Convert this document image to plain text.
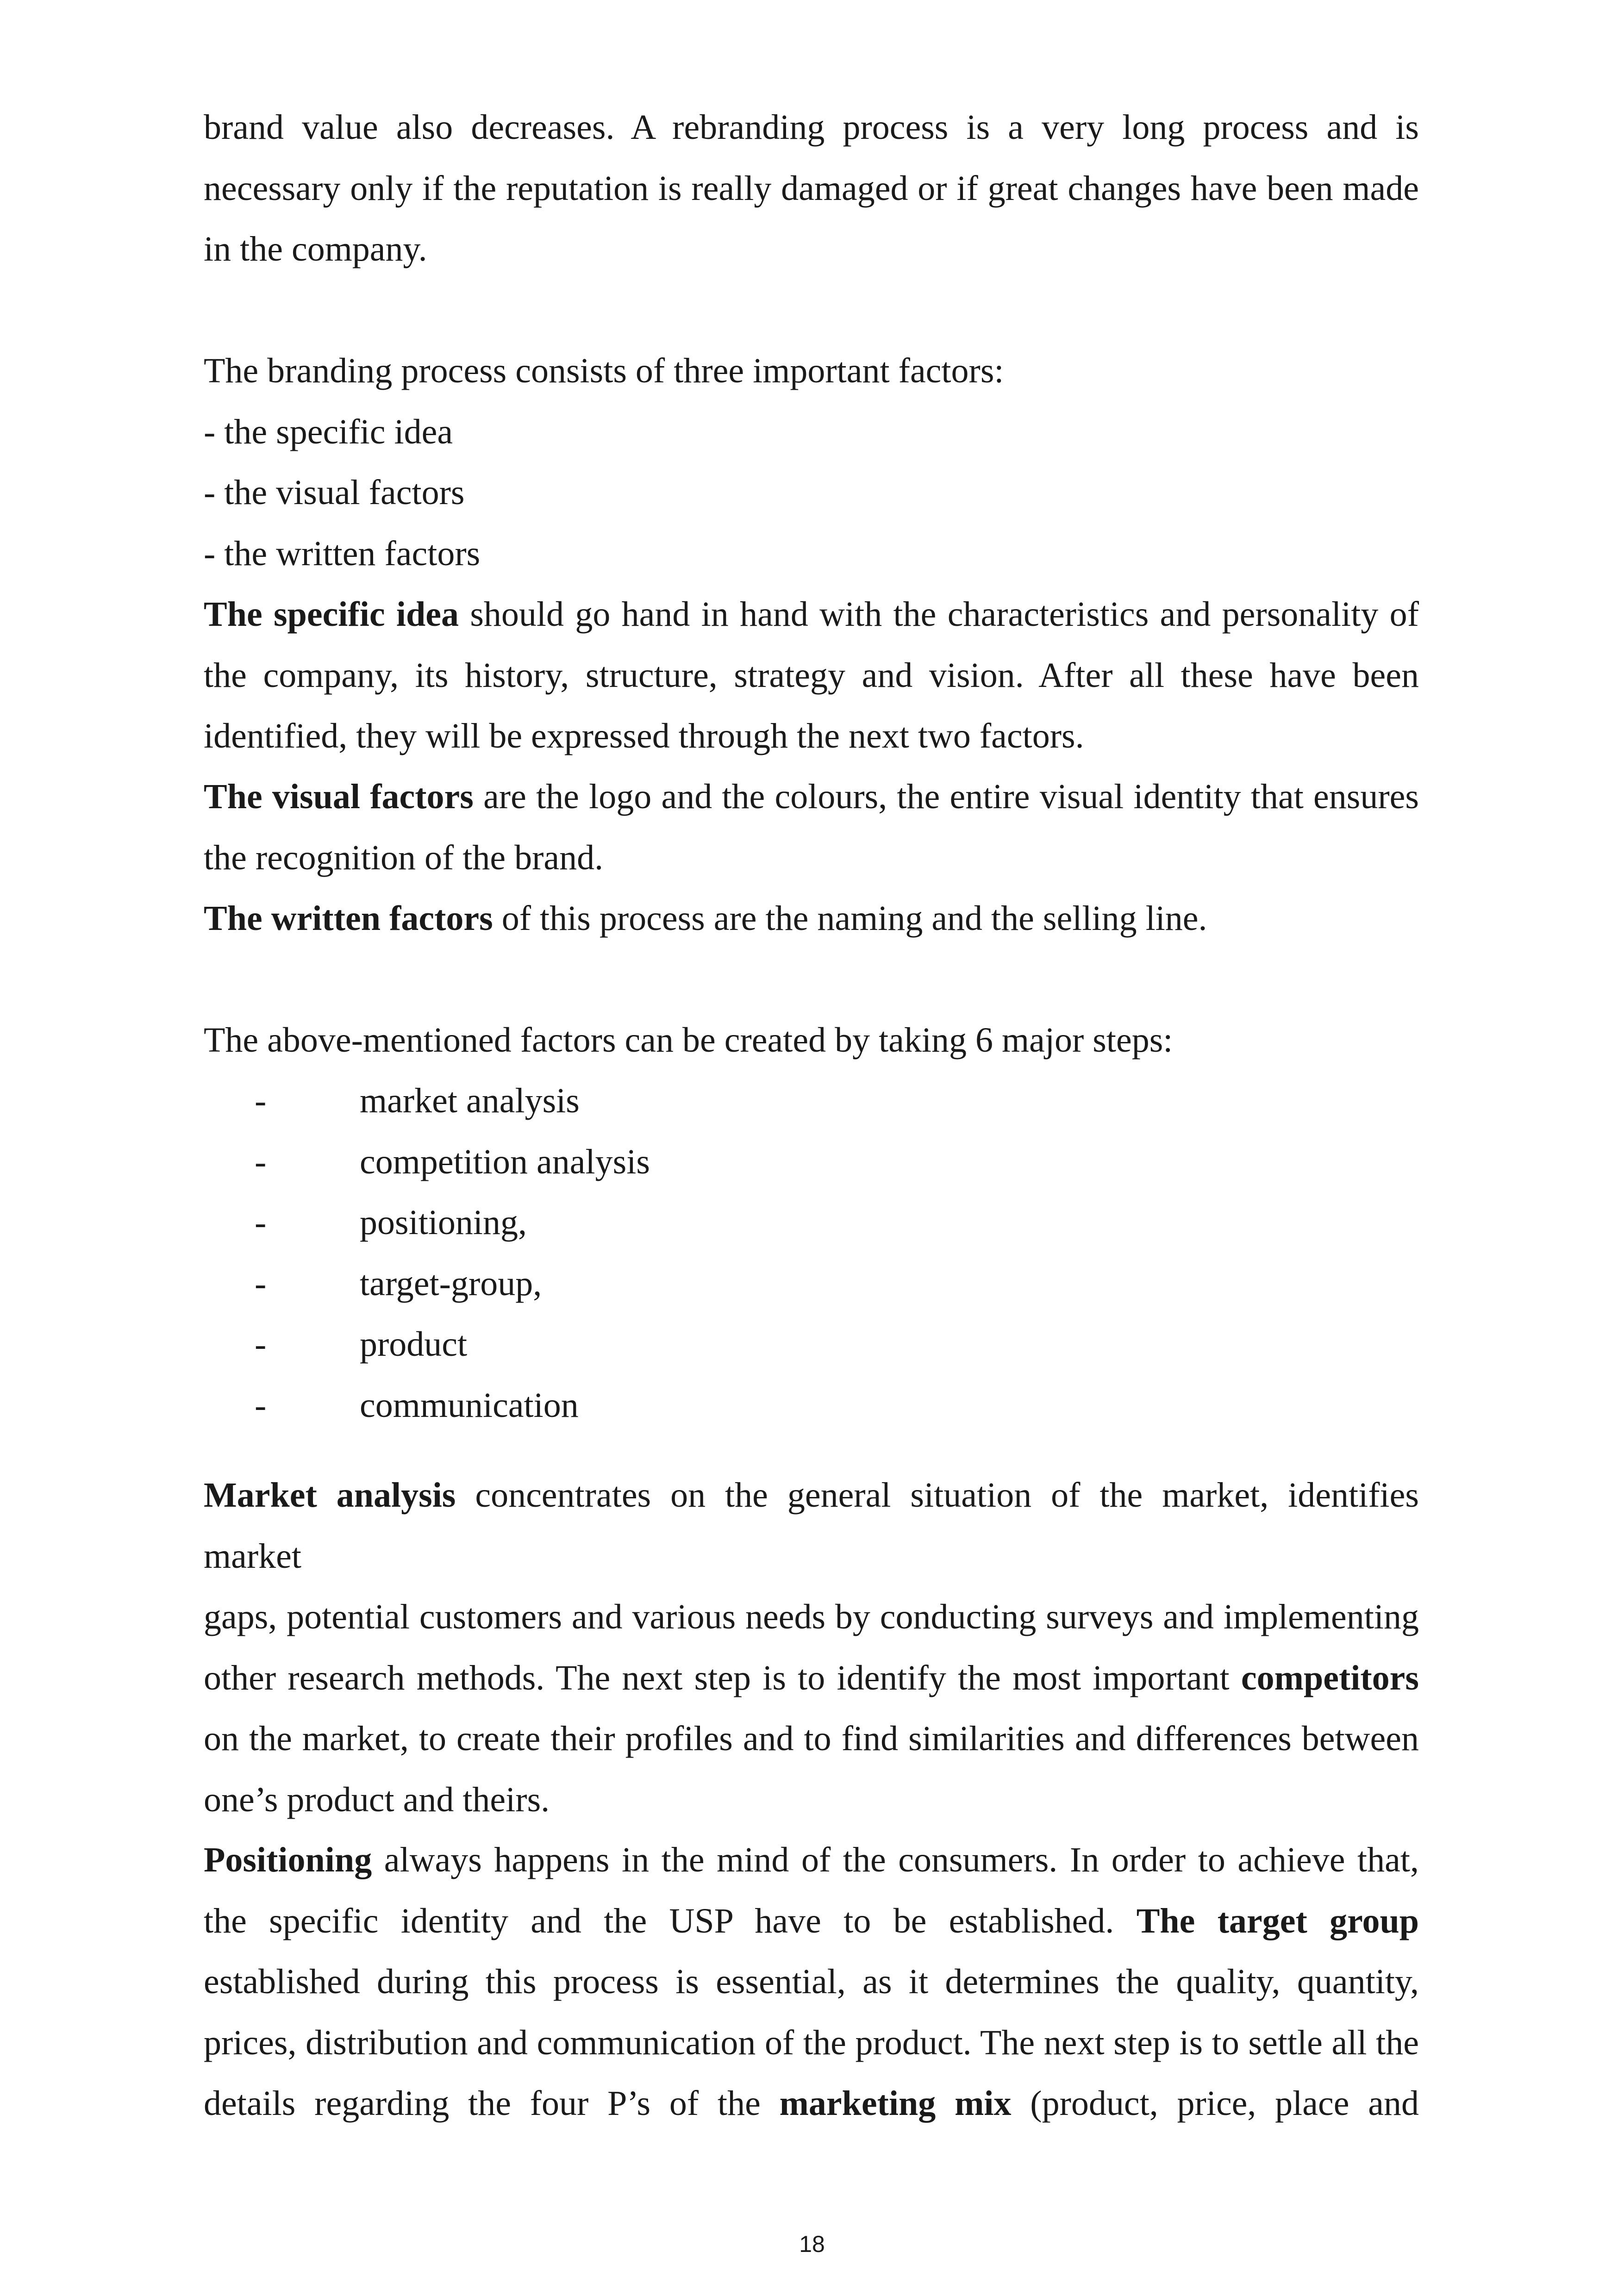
brand value also decreases. A rebranding process is a very long process and is
necessary only if the reputation is really damaged or if great changes have been made
in the company.
The branding process consists of three important factors:
- the specific idea
- the visual factors
- the written factors
The specific idea should go hand in hand with the characteristics and personality of
the company, its history, structure, strategy and vision. After all these have been
identified, they will be expressed through the next two factors.
The visual factors are the logo and the colours, the entire visual identity that ensures
the recognition of the brand.
The written factors of this process are the naming and the selling line.
The above-mentioned factors can be created by taking 6 major steps:
-	market analysis
-	competition analysis
-	positioning,
-	target-group,
-	product
-	communication
Market analysis concentrates on the general situation of the market, identifies market
gaps, potential customers and various needs by conducting surveys and implementing
other research methods. The next step is to identify the most important competitors
on the market, to create their profiles and to find similarities and differences between
one’s product and theirs.
Positioning always happens in the mind of the consumers. In order to achieve that,
the specific identity and the USP have to be established. The target group
established during this process is essential, as it determines the quality, quantity,
prices, distribution and communication of the product. The next step is to settle all the
details regarding the four P’s of the marketing mix (product, price, place and
18
